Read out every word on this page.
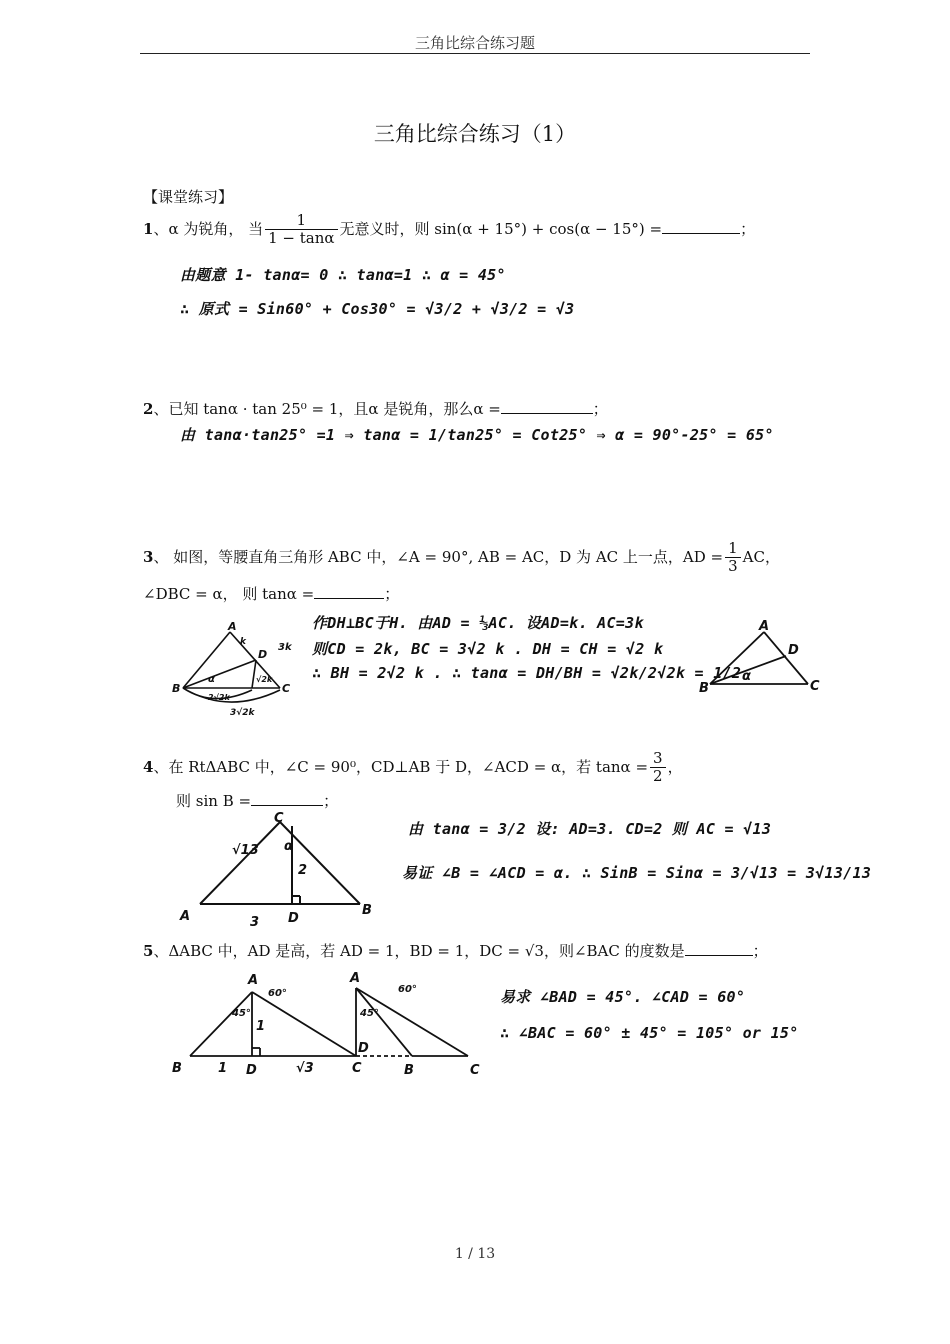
三角比综合练习题
三角比综合练习（1）
【课堂练习】
1、α 为锐角， 当 $\frac{1}{1 - \tan\alpha}$ 无意义时，则 sin(α + 15°) + cos(α − 15°) =	；
由题意 1- tanα= 0 ∴ tanα=1 ∴ α = 45°
∴ 原式 = Sin60° + Cos30° = √3/2 + √3/2 = √3
2、已知 tanα · tan 25⁰ = 1，且α 是锐角，那么α =	；
由 tanα·tan25° =1 ⇒ tanα = 1/tan25° = Cot25° ⇒ α = 90°-25° = 65°
3、 如图，等腰直角三角形 ABC 中，∠A = 90°, AB = AC，D 为 AC 上一点，AD = $\frac{1}{3}$ AC，
∠DBC = α， 则 tanα =	；
A
k	3k
D
B	C
α	√2k
2√2k
3√2k
作DH⊥BC于H. 由AD = ⅓AC. 设AD=k. AC=3k
则CD = 2k, BC = 3√2 k . DH = CH = √2 k
∴ BH = 2√2 k . ∴ tanα = DH/BH = √2k/2√2k = 1/2
A
D
B	C
α
4、在 RtΔABC 中，∠C = 90⁰，CD⊥AB 于 D，∠ACD = α，若 $\tan\alpha = \frac{3}{2}$ ，
则 sin B =	；
C
√13 α
2
A	3 D
B
由 tanα = 3/2 设: AD=3. CD=2 则 AC = √13
易证 ∠B = ∠ACD = α. ∴ SinB = Sinα = 3/√13 = 3√13/13
5、ΔABC 中，AD 是高，若 AD = 1，BD = 1，DC = √3，则∠BAC 的度数是	；
A
60°
45°
1
B	1 D	√3	C
A
60°
45°
D
B	C
易求 ∠BAD = 45°. ∠CAD = 60°
∴ ∠BAC = 60° ± 45° = 105° or 15°
1 / 13
